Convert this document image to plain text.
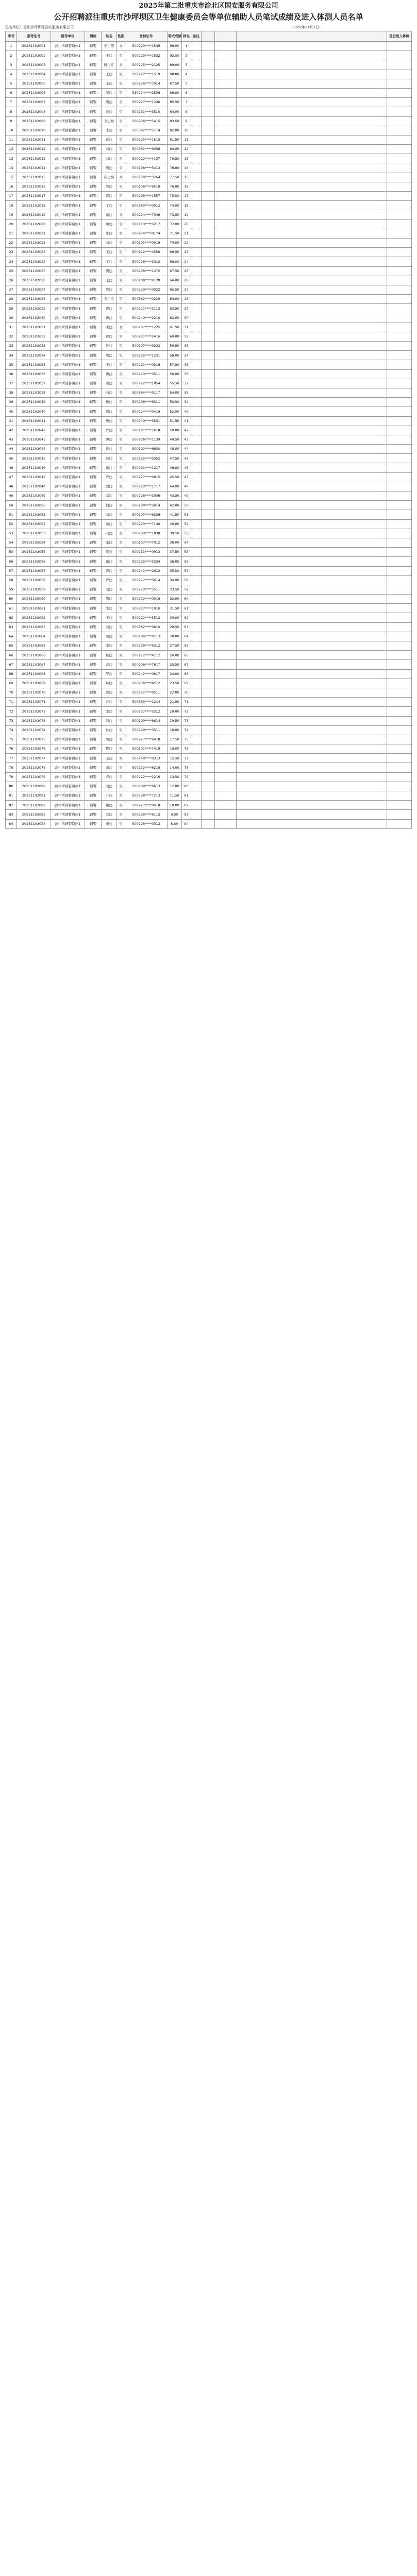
2025年第二批重庆市渝北区国安服务有限公司
公开招聘派往重庆市沙坪坝区卫生健康委员会等单位辅助人员笔试成绩及进入体测人员名单
报名单位：重庆沙坪坝区国安服务有限公司	2025年11月2日
序号	准考证号	报考单位	岗位	姓名	性别	身份证号	笔试成绩	排名	备注				是否进入体测
1	20251102001	渝中所辅警岗位1	辅警	张□霞	女	500223****1546	96.00	1					
2	20251102002	渝中所辅警岗位1	辅警	王□	男	500223****1532	92.50	2					
3	20251102003	渝中所辅警岗位1	辅警	陈□红	女	500225****2125	89.00	3					
4	20251102004	渝中所辅警岗位1	辅警	王□	男	500227****1519	88.00	4					
5	20251102005	渝中所辅警岗位1	辅警	王□	男	500226****7014	87.50	5					
6	20251102006	渝中所辅警岗位1	辅警	邹□	男	510214****2539	86.00	6					
7	20251102007	渝中所辅警岗位1	辅警	陶□	男	500227****1236	85.50	7					
8	20251102008	渝中所辅警岗位1	辅警	赵□	男	500231****3510	84.00	8					
9	20251102009	渝中所辅警岗位1	辅警	黄□杨	男	500236****5415	83.50	9					
10	20251102010	渝中所辅警岗位1	辅警	李□	男	500382****5114	82.00	10					
11	20251102011	渝中所辅警岗位1	辅警	蒋□	男	500225****1515	81.50	11					
12	20251102012	渝中所辅警岗位1	辅警	刘□	男	500381****6036	80.00	12					
13	20251102013	渝中所辅警岗位1	辅警	刘□	男	500222****4137	79.50	13					
14	20251102014	渝中所辅警岗位1	辅警	周□	男	500106****5413	78.00	14					
15	20251102015	渝中所辅警岗位1	辅警	向□梅	女	500230****3764	77.50	15					
16	20251102016	渝中所辅警岗位1	辅警	吴□	男	500106****6518	76.00	16					
17	20251102017	渝中所辅警岗位1	辅警	谭□	男	500238****1557	75.50	17					
18	20251102018	渝中所辅警岗位1	辅警	丁□	男	500383****0012	74.00	18					
19	20251102019	渝中所辅警岗位1	辅警	黄□	女	500224****7048	73.50	19					
20	20251102020	渝中所辅警岗位1	辅警	申□	男	500113****3217	72.00	20					
21	20251102021	渝中所辅警岗位1	辅警	朱□	男	500234****0174	71.50	21					
22	20251102022	渝中所辅警岗位1	辅警	刘□	男	500101****0019	70.00	22					
23	20251102023	渝中所辅警岗位1	辅警	王□	男	500112****4558	69.50	23					
24	20251102024	渝中所辅警岗位1	辅警	丁□	男	500226****3010	68.00	24					
25	20251102025	渝中所辅警岗位1	辅警	唐□	男	500236****1472	67.50	25					
26	20251102026	渝中所辅警岗位1	辅警	王□	男	500108****0139	66.00	26					
27	20251102027	渝中所辅警岗位1	辅警	曾□	男	500229****0032	65.50	27					
28	20251102028	渝中所辅警岗位1	辅警	黄□杰	男	500382****0219	64.00	28					
29	20251102029	渝中所辅警岗位1	辅警	谭□	男	500221****2113	63.50	29					
30	20251102030	渝中所辅警岗位1	辅警	冉□	男	500240****2210	62.00	30					
31	20251102031	渝中所辅警岗位1	辅警	宋□	女	500237****1225	61.50	31					
32	20251102032	渝中所辅警岗位1	辅警	蒋□	男	500231****5416	60.00	32					
33	20251102033	渝中所辅警岗位1	辅警	钟□	男	500107****9233	59.50	33					
34	20251102034	渝中所辅警岗位1	辅警	周□	男	500235****1231	58.00	34					
35	20251102035	渝中所辅警岗位1	辅警	王□	男	500221****0016	57.50	35					
36	20251102036	渝中所辅警岗位1	辅警	冉□	男	500243****3511	56.00	36					
37	20251102037	渝中所辅警岗位1	辅警	姜□	男	500222****1854	55.50	37					
38	20251102038	渝中所辅警岗位1	辅警	向□	男	500384****0117	54.00	38					
39	20251102039	渝中所辅警岗位1	辅警	杨□	男	500236****6311	53.50	39					
40	20251102040	渝中所辅警岗位1	辅警	周□	男	500224****0419	52.00	40					
41	20251102041	渝中所辅警岗位1	辅警	申□	男	500240****3531	51.50	41					
42	20251102042	渝中所辅警岗位1	辅警	罗□	男	500101****7618	50.00	42					
43	20251102043	渝中所辅警岗位1	辅警	谭□	男	500236****1139	49.50	43					
44	20251102044	渝中所辅警岗位1	辅警	姚□	男	500102****6630	48.00	44					
45	20251102045	渝中所辅警岗位1	辅警	赵□	男	500225****0352	47.50	45					
46	20251102046	渝中所辅警岗位1	辅警	谢□	男	500231****1217	46.00	46					
47	20251102047	渝中所辅警岗位1	辅警	罗□	男	500227****0915	45.50	47					
48	20251102048	渝中所辅警岗位1	辅警	殷□	男	500223****1717	44.00	48					
49	20251102049	渝中所辅警岗位1	辅警	刘□	男	500228****2036	43.50	49					
50	20251102050	渝中所辅警岗位1	辅警	何□	男	500230****5814	42.00	50					
51	20251102051	渝中所辅警岗位1	辅警	刘□	男	500107****8236	41.50	51					
52	20251102052	渝中所辅警岗位1	辅警	黄□	男	500223****7130	40.00	52					
53	20251102053	渝中所辅警岗位1	辅警	向□	男	500230****1838	39.50	53					
54	20251102054	渝中所辅警岗位1	辅警	张□	男	500107****7012	38.00	54					
55	20251102055	渝中所辅警岗位1	辅警	梁□	男	500231****0913	37.50	55					
56	20251102056	渝中所辅警岗位1	辅警	戴□	男	500225****3334	36.00	56					
57	20251102057	渝中所辅警岗位1	辅警	谭□	男	500241****2613	35.50	57					
58	20251102058	渝中所辅警岗位1	辅警	罗□	男	500222****5614	34.00	58					
59	20251102059	渝中所辅警岗位1	辅警	刘□	男	500223****5511	33.50	59					
60	20251102060	渝中所辅警岗位1	辅警	周□	男	500232****0016	32.00	60					
61	20251102061	渝中所辅警岗位1	辅警	李□	男	500237****1910	31.50	61					
62	20251102062	渝中所辅警岗位1	辅警	王□	男	500222****5512	30.00	62					
63	20251102063	渝中所辅警岗位1	辅警	刘□	男	500382****3810	29.50	63					
64	20251102064	渝中所辅警岗位1	辅警	吴□	男	500106****8713	28.00	64					
65	20251102065	渝中所辅警岗位1	辅警	李□	男	500226****6312	27.50	65					
66	20251102066	渝中所辅警岗位1	辅警	杨□	男	500112****4112	26.00	66					
67	20251102067	渝中所辅警岗位1	辅警	孟□	男	500106****7617	25.50	67					
68	20251102068	渝中所辅警岗位1	辅警	罗□	男	500242****0817	24.00	68					
69	20251102069	渝中所辅警岗位1	辅警	林□	男	500236****4512	23.50	69					
70	20251102070	渝中所辅警岗位1	辅警	彭□	男	500221****0511	22.00	70					
71	20251102071	渝中所辅警岗位1	辅警	汪□	男	500383****1214	21.50	71					
72	20251102072	渝中所辅警岗位1	辅警	李□	男	500237****5312	20.00	72					
73	20251102073	渝中所辅警岗位1	辅警	冯□	男	500109****8614	19.50	73					
74	20251102074	渝中所辅警岗位1	辅警	孙□	男	500239****3511	18.00	74					
75	20251102075	渝中所辅警岗位1	辅警	吴□	男	500227****6418	17.50	75					
76	20251102076	渝中所辅警岗位1	辅警	程□	男	500101****7418	16.00	76					
77	20251102077	渝中所辅警岗位1	辅警	龙□	男	500240****0313	15.50	77					
78	20251102078	渝中所辅警岗位1	辅警	黄□	男	500232****6216	14.00	78					
79	20251102079	渝中所辅警岗位1	辅警	卢□	男	500222****2216	13.50	79					
80	20251102080	渝中所辅警岗位1	辅警	刘□	男	500108****6613	12.00	80					
81	20251102081	渝中所辅警岗位1	辅警	叶□	男	500238****7213	11.50	81					
82	20251102082	渝中所辅警岗位1	辅警	翟□	男	500227****0618	10.00	82					
83	20251102083	渝中所辅警岗位1	辅警	邓□	男	500236****6113	9.50	83					
84	20251102084	渝中所辅警岗位1	辅警	秦□	男	500226****0312	8.00	84					
